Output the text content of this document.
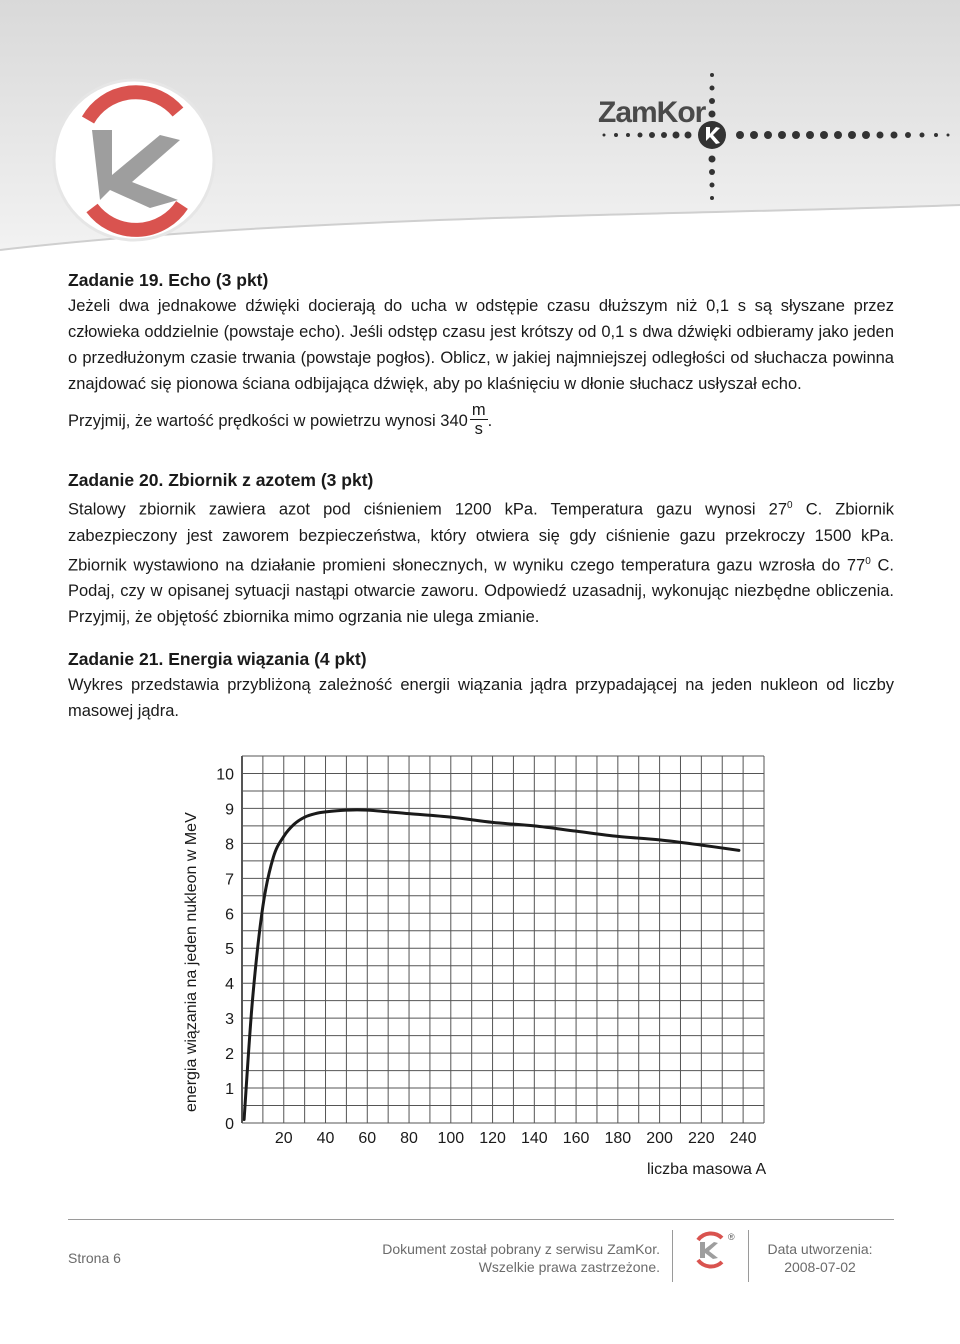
ZamKor
Zadanie 19. Echo (3 pkt)
Jeżeli dwa jednakowe dźwięki docierają do ucha w odstępie czasu dłuższym niż 0,1 s są słyszane przez człowieka oddzielnie (powstaje echo). Jeśli odstęp czasu jest krótszy od 0,1 s dwa dźwięki odbieramy jako jeden o przedłużonym czasie trwania (powstaje pogłos). Oblicz, w jakiej najmniejszej odległości od słuchacza powinna znajdować się pionowa ściana odbijająca dźwięk, aby po klaśnięciu w dłonie słuchacz usłyszał echo.
Przyjmij, że wartość prędkości w powietrzu wynosi $340 \frac{m}{s}$ .
Zadanie 20. Zbiornik z azotem (3 pkt)
Stalowy zbiornik zawiera azot pod ciśnieniem 1200 kPa. Temperatura gazu wynosi $27^0$ C. Zbiornik zabezpieczony jest zaworem bezpieczeństwa, który otwiera się gdy ciśnienie gazu przekroczy 1500 kPa. Zbiornik wystawiono na działanie promieni słonecznych, w wyniku czego temperatura gazu wzrosła do $77^0$ C. Podaj, czy w opisanej sytuacji nastąpi otwarcie zaworu. Odpowiedź uzasadnij, wykonując niezbędne obliczenia. Przyjmij, że objętość zbiornika mimo ogrzania nie ulega zmianie.
Zadanie 21. Energia wiązania (4 pkt)
Wykres przedstawia przybliżoną zależność energii wiązania jądra przypadającej na jeden nukleon od liczby masowej jądra.
20 40 60 80 100 120 140 160 180 200 220 240
0
1
2
3
4
5
6
7
8
9
10
energia wiązania na jeden nukleon w MeV
liczba masowa A
Strona 6
Dokument został pobrany z serwisu ZamKor.
Wszelkie prawa zastrzeżone.
®
Data utworzenia:
2008-07-02
